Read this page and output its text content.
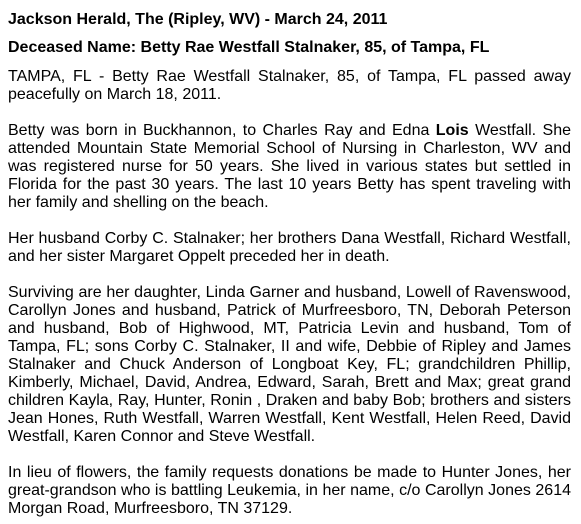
Jackson Herald, The (Ripley, WV) - March 24, 2011

Deceased Name: Betty Rae Westfall Stalnaker, 85, of Tampa, FL

TAMPA, FL - Betty Rae Westfall Stalnaker, 85, of Tampa, FL passed away peacefully on March 18, 2011.

Betty was born in Buckhannon, to Charles Ray and Edna Lois Westfall. She attended Mountain State Memorial School of Nursing in Charleston, WV and was registered nurse for 50 years. She lived in various states but settled in Florida for the past 30 years. The last 10 years Betty has spent traveling with her family and shelling on the beach.

Her husband Corby C. Stalnaker; her brothers Dana Westfall, Richard Westfall, and her sister Margaret Oppelt preceded her in death.

Surviving are her daughter, Linda Garner and husband, Lowell of Ravenswood, Carollyn Jones and husband, Patrick of Murfreesboro, TN, Deborah Peterson and husband, Bob of Highwood, MT, Patricia Levin and husband, Tom of Tampa, FL; sons Corby C. Stalnaker, II and wife, Debbie of Ripley and James Stalnaker and Chuck Anderson of Longboat Key, FL; grandchildren Phillip, Kimberly, Michael, David, Andrea, Edward, Sarah, Brett and Max; great grand children Kayla, Ray, Hunter, Ronin , Draken and baby Bob; brothers and sisters Jean Hones, Ruth Westfall, Warren Westfall, Kent Westfall, Helen Reed, David Westfall, Karen Connor and Steve Westfall.

In lieu of flowers, the family requests donations be made to Hunter Jones, her great-grandson who is battling Leukemia, in her name, c/o Carollyn Jones 2614 Morgan Road, Murfreesboro, TN 37129.
